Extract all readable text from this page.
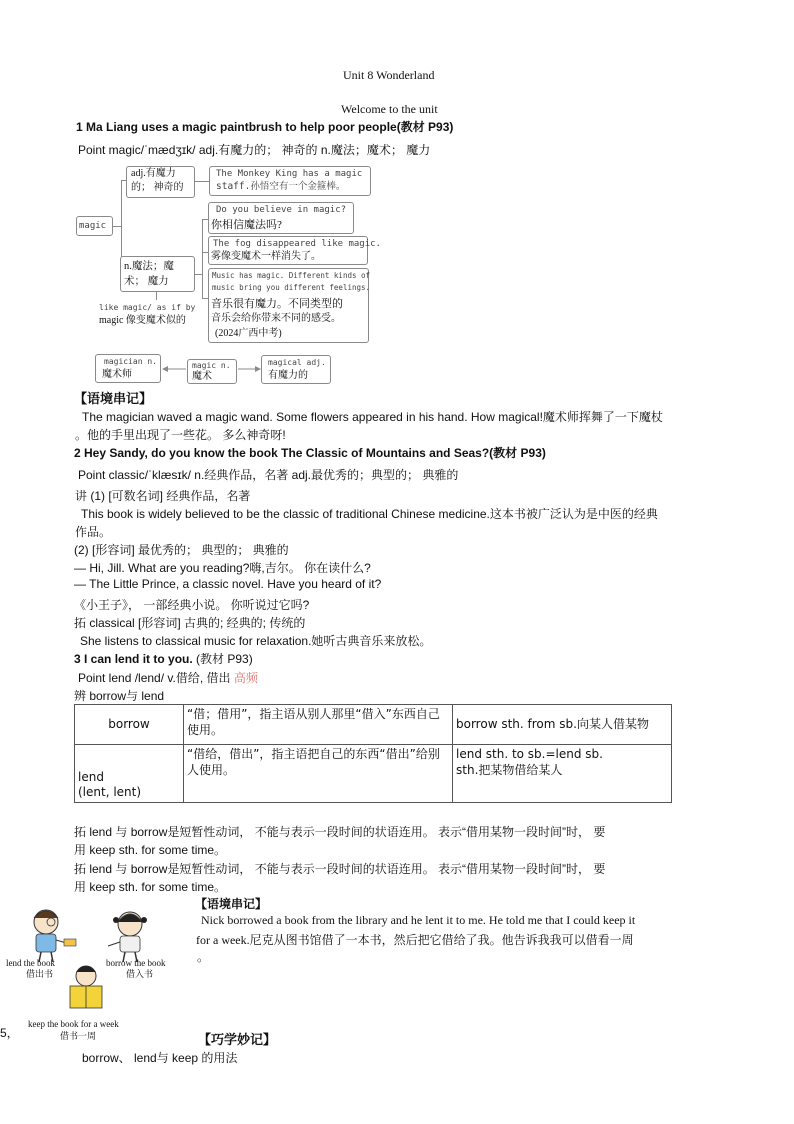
Unit 8 Wonderland
Welcome to the unit
1 Ma Liang uses a magic paintbrush to help poor people(教材 P93)
Point magic/ˈmædʒɪk/ adj.有魔力的； 神奇的 n.魔法；魔术； 魔力
magic
adj.有魔力
的； 神奇的
The Monkey King has a magic
staff.孙悟空有一个金箍棒。
n.魔法；魔
术； 魔力
Do you believe in magic?
你相信魔法吗?
The fog disappeared like magic.
雾像变魔术一样消失了。
Music has magic. Different kinds of
music bring you different feelings.
音乐很有魔力。不同类型的
音乐会给你带来不同的感受。
(2024广西中考)
like magic/ as if by
magic 像变魔术似的
magician n.
魔术师
magic n.
魔术
magical adj.
有魔力的
【语境串记】
The magician waved a magic wand. Some flowers appeared in his hand. How magical!魔术师挥舞了一下魔杖
。他的手里出现了一些花。 多么神奇呀!
2 Hey Sandy, do you know the book The Classic of Mountains and Seas?(教材 P93)
Point classic/ˈklæsɪk/ n.经典作品，名著 adj.最优秀的；典型的； 典雅的
讲 (1) [可数名词] 经典作品，名著
This book is widely believed to be the classic of traditional Chinese medicine.这本书被广泛认为是中医的经典
作品。
(2) [形容词] 最优秀的； 典型的； 典雅的
— Hi, Jill. What are you reading?嗨,吉尔。 你在读什么?
— The Little Prince, a classic novel. Have you heard of it?
《小王子》， 一部经典小说。 你听说过它吗?
拓 classical [形容词] 古典的; 经典的; 传统的
She listens to classical music for relaxation.她听古典音乐来放松。
3 I can lend it to you. (教材 P93)
Point lend /lend/ v.借给, 借出 高频
辨 borrow与 lend
borrow	“借；借用”，指主语从别人那里“借入”东西自己使用。	borrow sth. from sb.向某人借某物
lend
(lent, lent)	“借给，借出”，指主语把自己的东西“借出”给别人使用。	lend sth. to sb.=lend sb.
sth.把某物借给某人
拓 lend 与 borrow是短暂性动词， 不能与表示一段时间的状语连用。 表示“借用某物一段时间”时， 要
用 keep sth. for some time。
拓 lend 与 borrow是短暂性动词， 不能与表示一段时间的状语连用。 表示“借用某物一段时间”时， 要
用 keep sth. for some time。
【语境串记】
Nick borrowed a book from the library and he lent it to me. He told me that I could keep it
for a week.尼克从图书馆借了一本书，然后把它借给了我。他告诉我我可以借看一周
。
lend the book
借出书
borrow the book
借入书
keep the book for a week
借书一周
5，	【巧学妙记】
borrow、 lend与 keep 的用法
